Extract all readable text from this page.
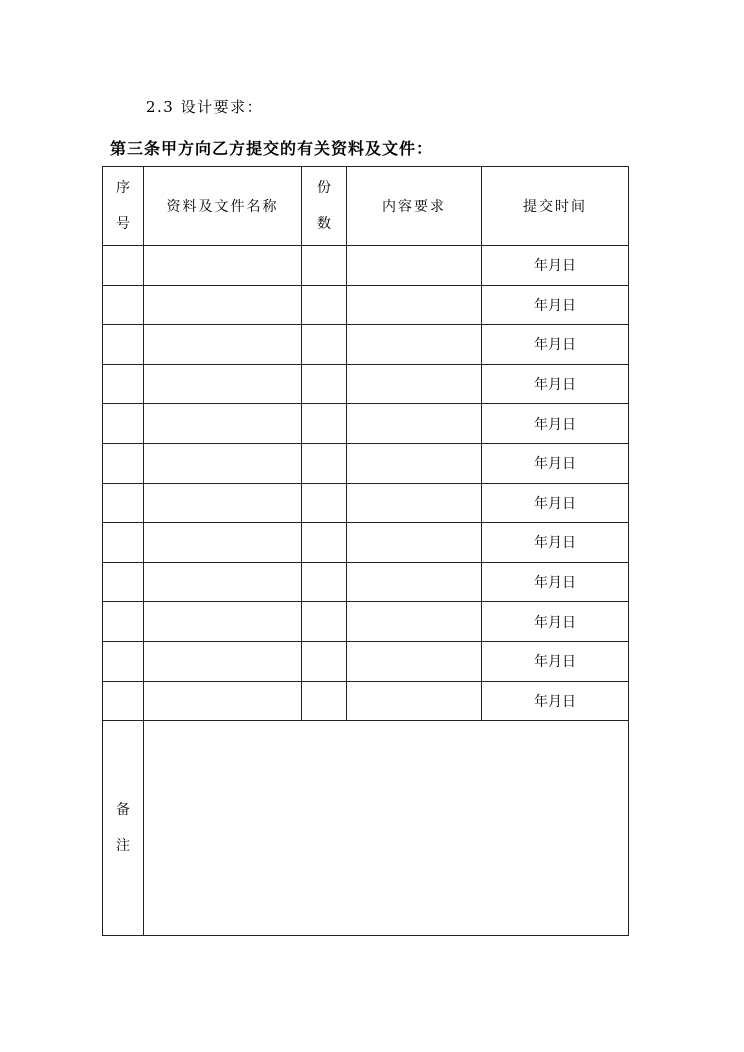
2.3 设计要求：
第三条甲方向乙方提交的有关资料及文件：
序号	资料及文件名称	份数	内容要求	提交时间
				年月日
				年月日
				年月日
				年月日
				年月日
				年月日
				年月日
				年月日
				年月日
				年月日
				年月日
				年月日
备注				
